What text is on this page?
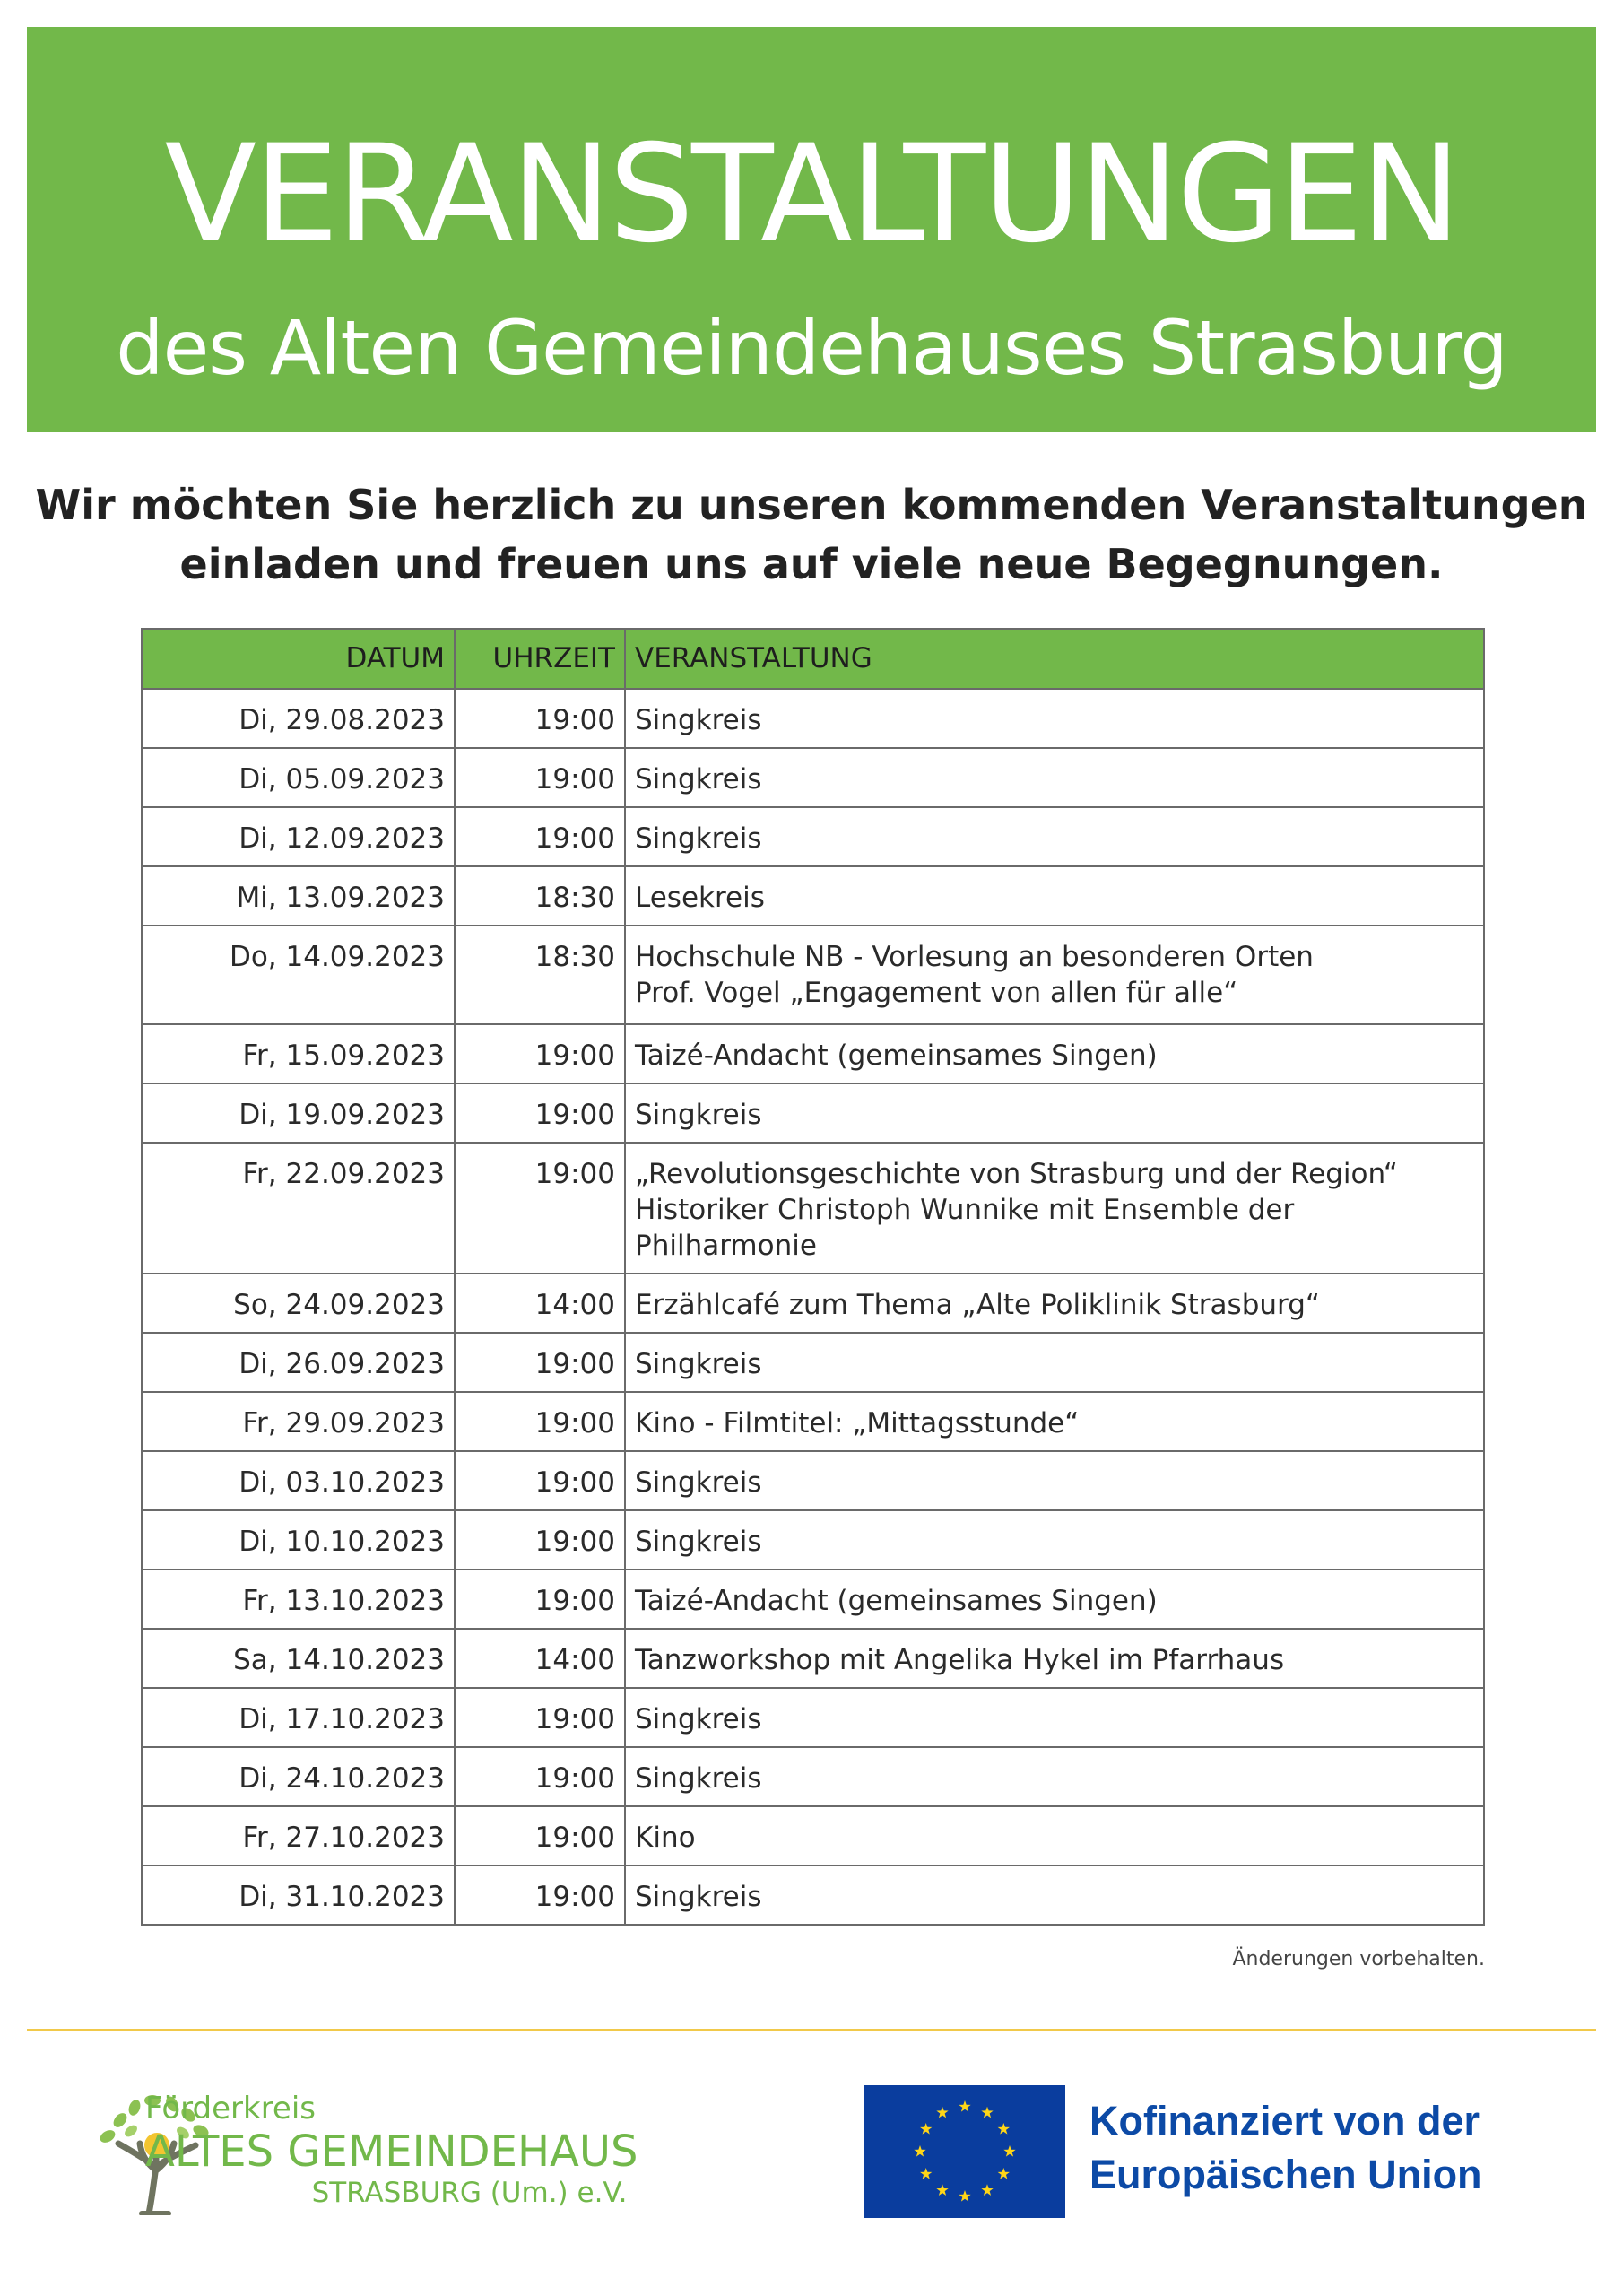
VERANSTALTUNGEN
des Alten Gemeindehauses Strasburg
Wir möchten Sie herzlich zu unseren kommenden Veranstaltungen
einladen und freuen uns auf viele neue Begegnungen.
DATUM	UHRZEIT	VERANSTALTUNG
Di, 29.08.2023	19:00	Singkreis

Di, 05.09.2023	19:00	Singkreis

Di, 12.09.2023	19:00	Singkreis

Mi, 13.09.2023	18:30	Lesekreis

Do, 14.09.2023	18:30	Hochschule NB - Vorlesung an besonderen Orten
Prof. Vogel „Engagement von allen für alle“

Fr, 15.09.2023	19:00	Taizé-Andacht (gemeinsames Singen)

Di, 19.09.2023	19:00	Singkreis

Fr, 22.09.2023	19:00	„Revolutionsgeschichte von Strasburg und der Region“
Historiker Christoph Wunnike mit Ensemble der Philharmonie

So, 24.09.2023	14:00	Erzählcafé zum Thema „Alte Poliklinik Strasburg“

Di, 26.09.2023	19:00	Singkreis

Fr, 29.09.2023	19:00	Kino - Filmtitel: „Mittagsstunde“

Di, 03.10.2023	19:00	Singkreis

Di, 10.10.2023	19:00	Singkreis

Fr, 13.10.2023	19:00	Taizé-Andacht (gemeinsames Singen)

Sa, 14.10.2023	14:00	Tanzworkshop mit Angelika Hykel im Pfarrhaus

Di, 17.10.2023	19:00	Singkreis

Di, 24.10.2023	19:00	Singkreis

Fr, 27.10.2023	19:00	Kino

Di, 31.10.2023	19:00	Singkreis
Änderungen vorbehalten.
Förderkreis
ALTES GEMEINDEHAUS
STRASBURG (Um.) e.V.
Kofinanziert von der
Europäischen Union
